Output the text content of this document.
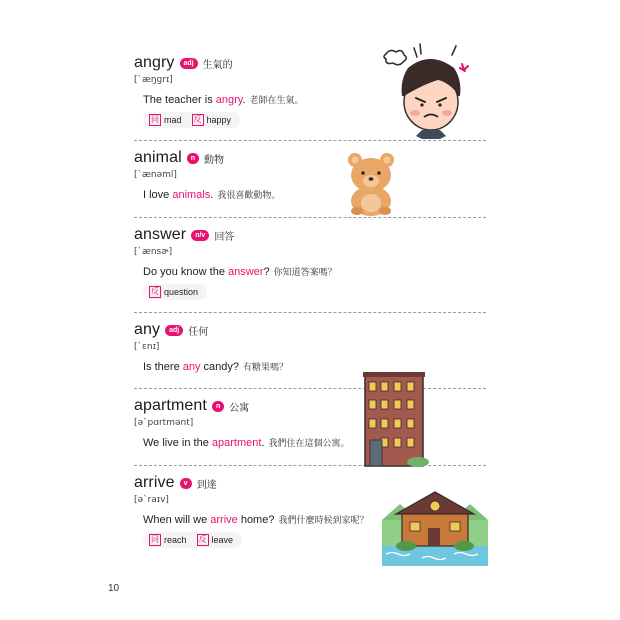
angry	adj 生氣的
[ˋæŋgrɪ]
The teacher is angry. 老師在生氣。
同 mad 反 happy
animal	n 動物
[ˋænəml]
I love animals. 我很喜歡動物。
answer	n/v 回答
[ˋænsɚ]
Do you know the answer? 你知道答案嗎？
反 question
any	adj 任何
[ˋɛnɪ]
Is there any candy? 有糖果嗎？
apartment	n 公寓
[əˋpɑrtmənt]
We live in the apartment. 我們住在這個公寓。
arrive	v 到達
[əˋraɪv]
When will we arrive home? 我們什麼時候到家呢？
同 reach 反 leave
10
